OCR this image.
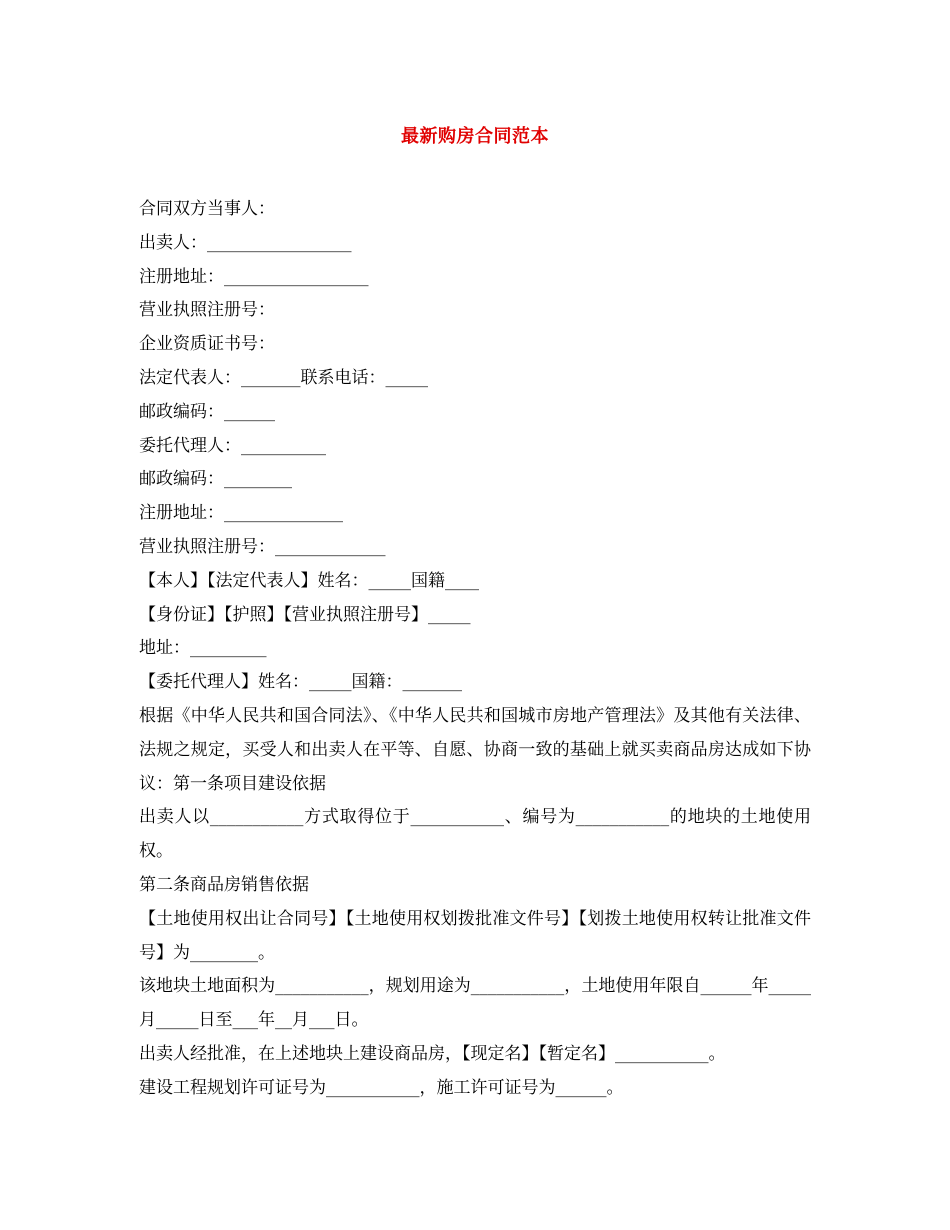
最新购房合同范本
合同双方当事人：
出卖人：_________________
注册地址：_________________
营业执照注册号：
企业资质证书号：
法定代表人：_______联系电话：_____
邮政编码：______
委托代理人：__________
邮政编码：________
注册地址：______________
营业执照注册号：_____________
【本人】【法定代表人】姓名：_____国籍____
【身份证】【护照】【营业执照注册号】_____
地址：_________
【委托代理人】姓名：_____国籍：_______
根据《中华人民共和国合同法》、《中华人民共和国城市房地产管理法》及其他有关法律、法规之规定，买受人和出卖人在平等、自愿、协商一致的基础上就买卖商品房达成如下协议：第一条项目建设依据
出卖人以___________方式取得位于___________、编号为___________的地块的土地使用权。
第二条商品房销售依据
【土地使用权出让合同号】【土地使用权划拨批准文件号】【划拨土地使用权转让批准文件号】为________。
该地块土地面积为___________，规划用途为___________，土地使用年限自______年_____月_____日至___年__月___日。
出卖人经批准，在上述地块上建设商品房，【现定名】【暂定名】___________。
建设工程规划许可证号为___________，施工许可证号为______。
